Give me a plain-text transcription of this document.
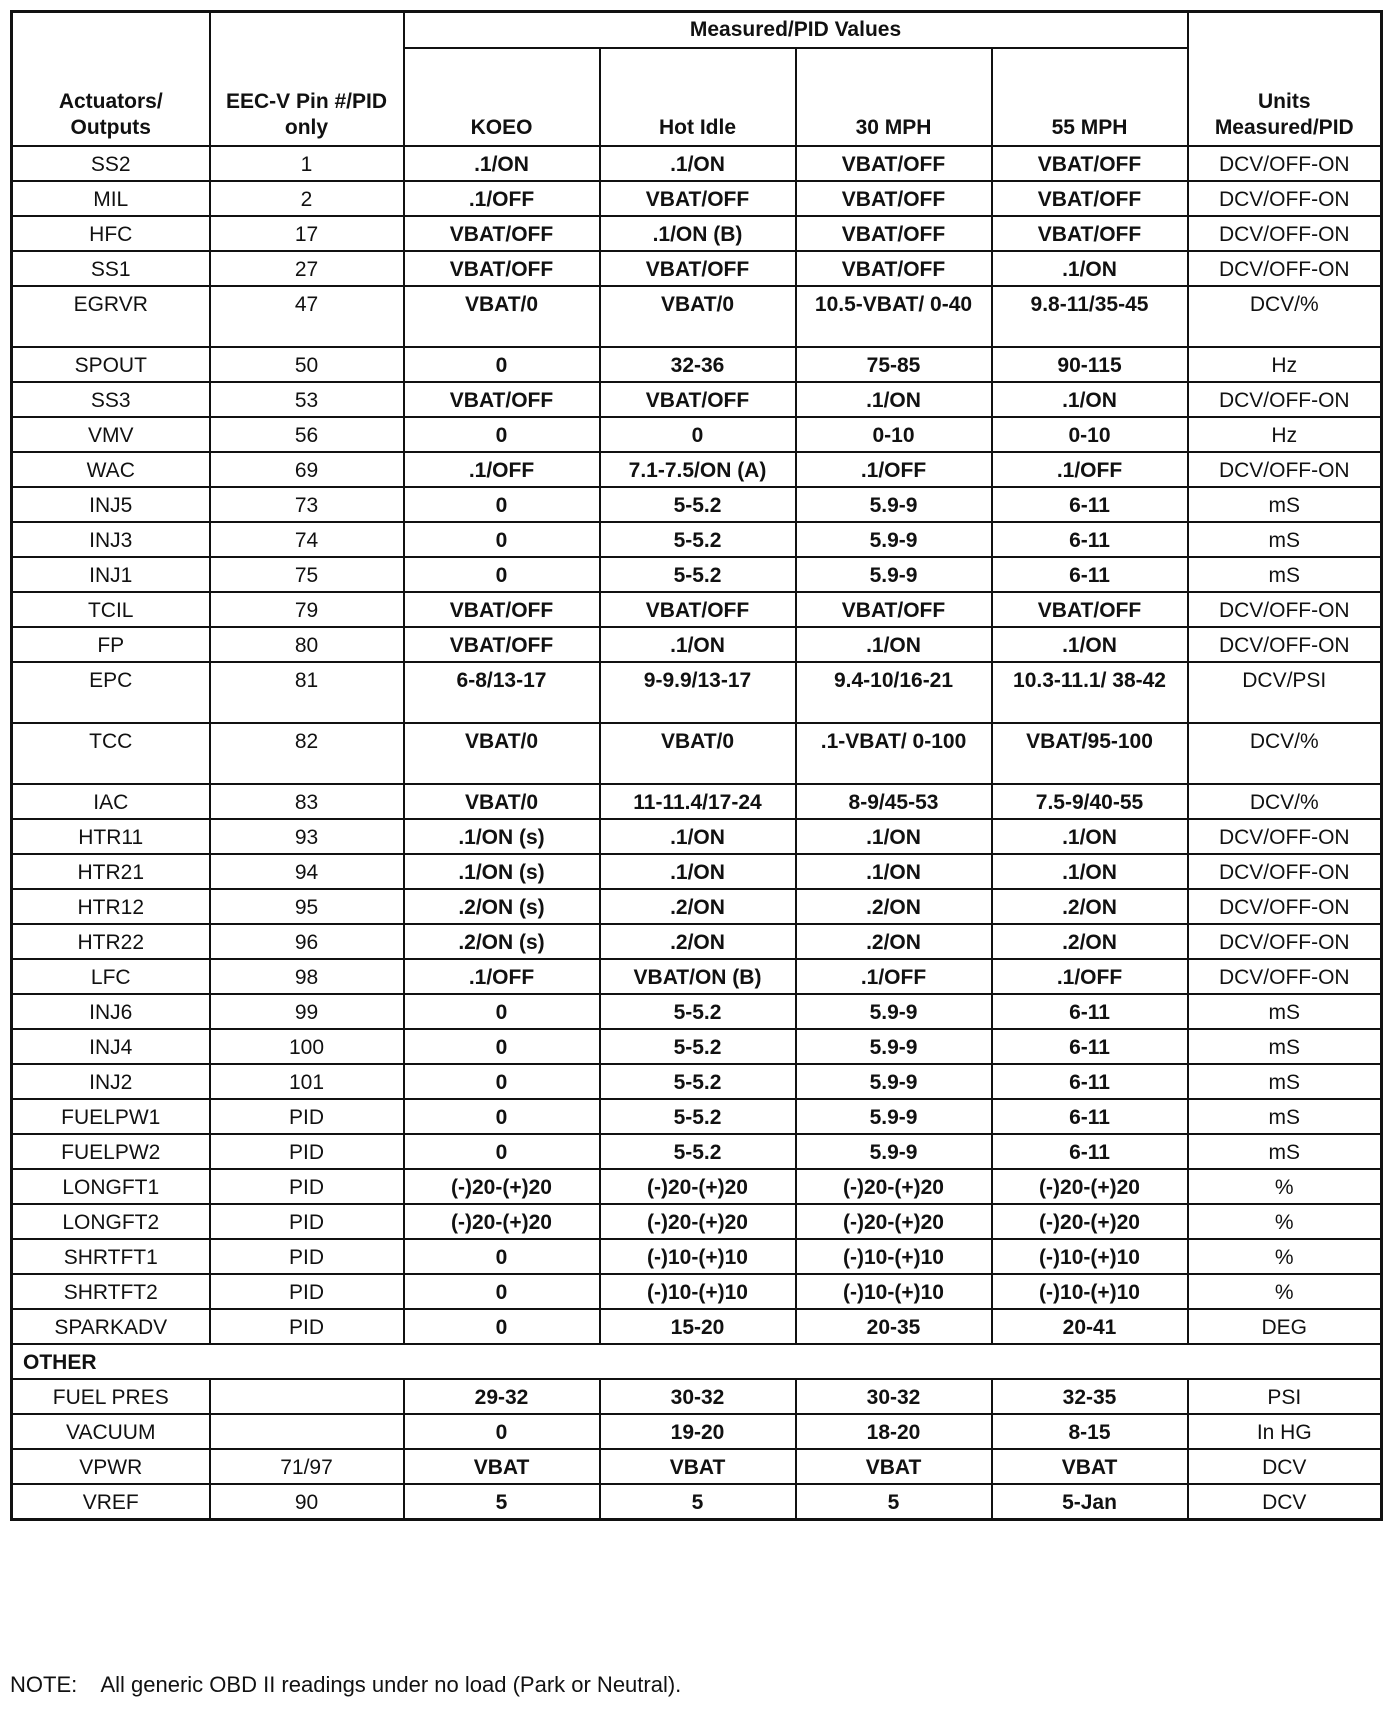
Actuators/ Outputs	EEC-V Pin #/PID only	Measured/PID Values				Units Measured/PID
		KOEO	Hot Idle	30 MPH	55 MPH	
SS2	1	.1/ON	.1/ON	VBAT/OFF	VBAT/OFF	DCV/OFF-ON
MIL	2	.1/OFF	VBAT/OFF	VBAT/OFF	VBAT/OFF	DCV/OFF-ON
HFC	17	VBAT/OFF	.1/ON (B)	VBAT/OFF	VBAT/OFF	DCV/OFF-ON
SS1	27	VBAT/OFF	VBAT/OFF	VBAT/OFF	.1/ON	DCV/OFF-ON
EGRVR	47	VBAT/0	VBAT/0	10.5-VBAT/ 0-40	9.8-11/35-45	DCV/%
SPOUT	50	0	32-36	75-85	90-115	Hz
SS3	53	VBAT/OFF	VBAT/OFF	.1/ON	.1/ON	DCV/OFF-ON
VMV	56	0	0	0-10	0-10	Hz
WAC	69	.1/OFF	7.1-7.5/ON (A)	.1/OFF	.1/OFF	DCV/OFF-ON
INJ5	73	0	5-5.2	5.9-9	6-11	mS
INJ3	74	0	5-5.2	5.9-9	6-11	mS
INJ1	75	0	5-5.2	5.9-9	6-11	mS
TCIL	79	VBAT/OFF	VBAT/OFF	VBAT/OFF	VBAT/OFF	DCV/OFF-ON
FP	80	VBAT/OFF	.1/ON	.1/ON	.1/ON	DCV/OFF-ON
EPC	81	6-8/13-17	9-9.9/13-17	9.4-10/16-21	10.3-11.1/ 38-42	DCV/PSI
TCC	82	VBAT/0	VBAT/0	.1-VBAT/ 0-100	VBAT/95-100	DCV/%
IAC	83	VBAT/0	11-11.4/17-24	8-9/45-53	7.5-9/40-55	DCV/%
HTR11	93	.1/ON (s)	.1/ON	.1/ON	.1/ON	DCV/OFF-ON
HTR21	94	.1/ON (s)	.1/ON	.1/ON	.1/ON	DCV/OFF-ON
HTR12	95	.2/ON (s)	.2/ON	.2/ON	.2/ON	DCV/OFF-ON
HTR22	96	.2/ON (s)	.2/ON	.2/ON	.2/ON	DCV/OFF-ON
LFC	98	.1/OFF	VBAT/ON (B)	.1/OFF	.1/OFF	DCV/OFF-ON
INJ6	99	0	5-5.2	5.9-9	6-11	mS
INJ4	100	0	5-5.2	5.9-9	6-11	mS
INJ2	101	0	5-5.2	5.9-9	6-11	mS
FUELPW1	PID	0	5-5.2	5.9-9	6-11	mS
FUELPW2	PID	0	5-5.2	5.9-9	6-11	mS
LONGFT1	PID	(-)20-(+)20	(-)20-(+)20	(-)20-(+)20	(-)20-(+)20	%
LONGFT2	PID	(-)20-(+)20	(-)20-(+)20	(-)20-(+)20	(-)20-(+)20	%
SHRTFT1	PID	0	(-)10-(+)10	(-)10-(+)10	(-)10-(+)10	%
SHRTFT2	PID	0	(-)10-(+)10	(-)10-(+)10	(-)10-(+)10	%
SPARKADV	PID	0	15-20	20-35	20-41	DEG
OTHER						
FUEL PRES		29-32	30-32	30-32	32-35	PSI
VACUUM		0	19-20	18-20	8-15	In HG
VPWR	71/97	VBAT	VBAT	VBAT	VBAT	DCV
VREF	90	5	5	5	5-Jan	DCV
NOTE:    All generic OBD II readings under no load (Park or Neutral).
